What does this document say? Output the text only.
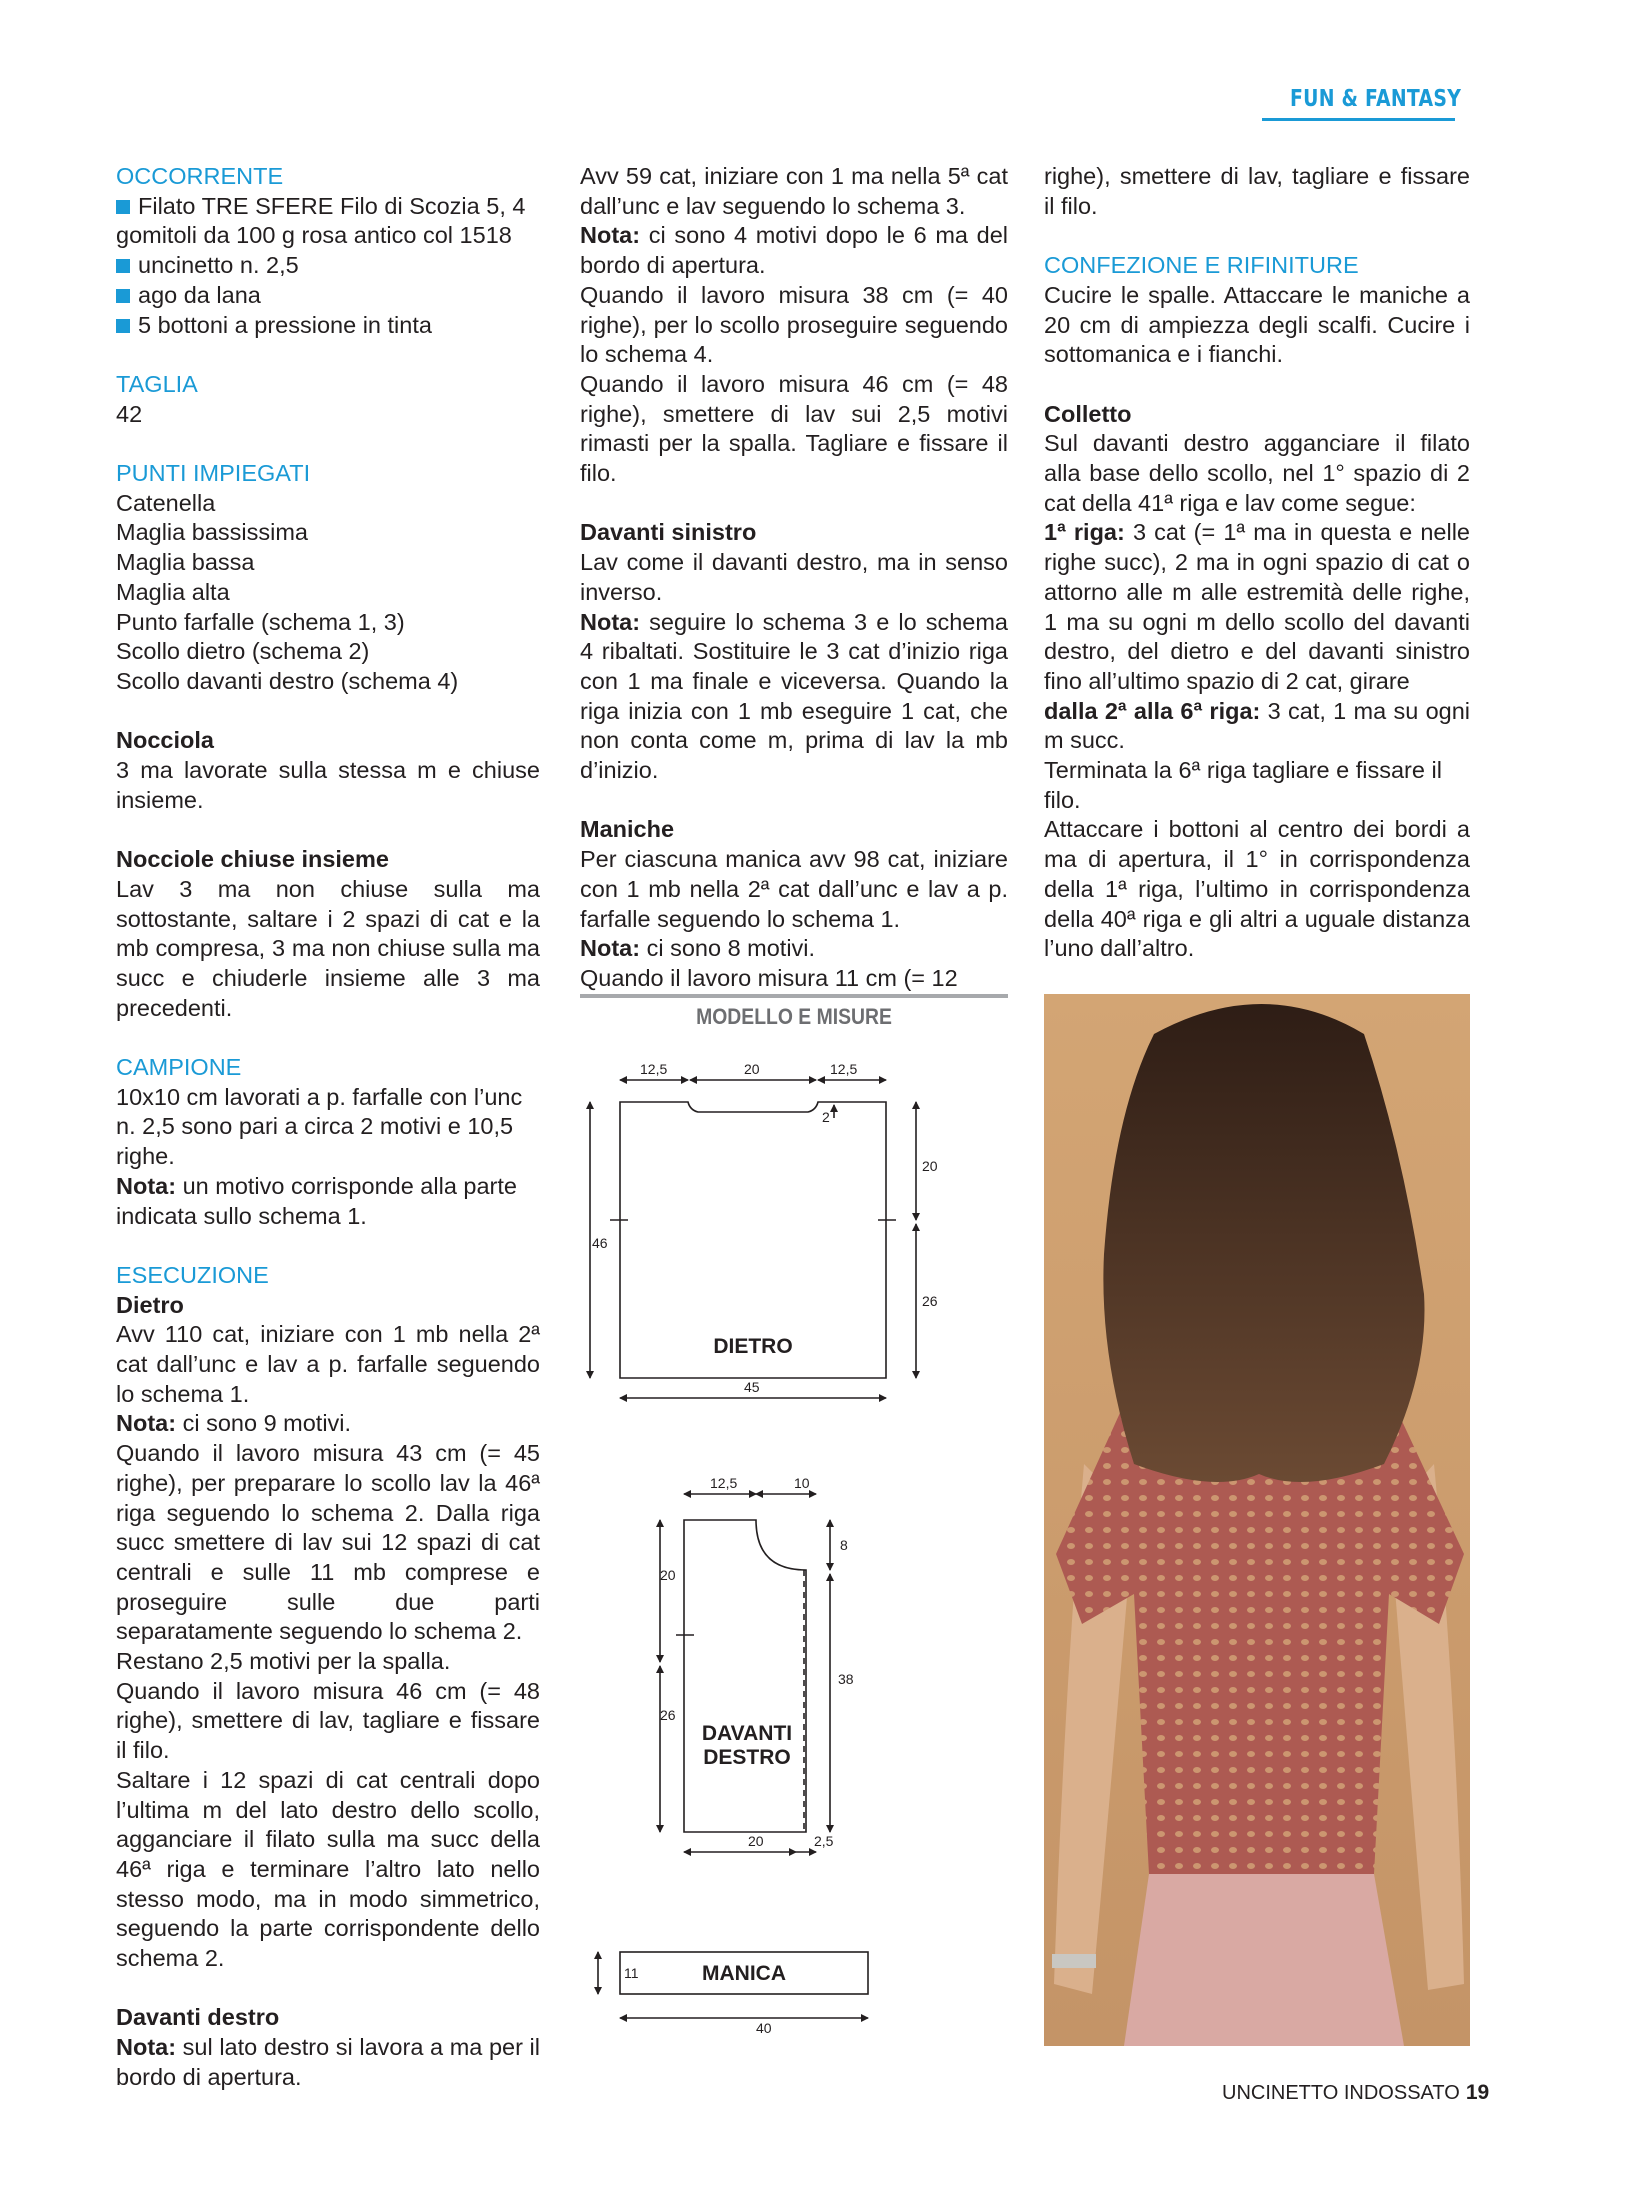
FUN & FANTASY

OCCORRENTE

Filato TRE SFERE Filo di Scozia 5, 4

gomitoli da 100 g rosa antico col 1518

uncinetto n. 2,5

ago da lana

5 bottoni a pressione in tinta

TAGLIA

42

PUNTI IMPIEGATI

Catenella

Maglia bassissima

Maglia bassa

Maglia alta

Punto farfalle (schema 1, 3)

Scollo dietro (schema 2)

Scollo davanti destro (schema 4)

Nocciola

3 ma lavorate sulla stessa m e chiuse insieme.

Nocciole chiuse insieme

Lav 3 ma non chiuse sulla ma sottostante, saltare i 2 spazi di cat e la mb compresa, 3 ma non chiuse sulla ma succ e chiuderle insieme alle 3 ma precedenti.

CAMPIONE

10x10 cm lavorati a p. farfalle con l’unc n. 2,5 sono pari a circa 2 motivi e 10,5 righe.

Nota: un motivo corrisponde alla parte indicata sullo schema 1.

ESECUZIONE

Dietro

Avv 110 cat, iniziare con 1 mb nella 2ª cat dall’unc e lav a p. farfalle seguendo lo schema 1.

Nota: ci sono 9 motivi.

Quando il lavoro misura 43 cm (= 45 righe), per preparare lo scollo lav la 46ª riga seguendo lo schema 2. Dalla riga succ smettere di lav sui 12 spazi di cat centrali e sulle 11 mb comprese e proseguire sulle due parti separatamente seguendo lo schema 2.

Restano 2,5 motivi per la spalla.

Quando il lavoro misura 46 cm (= 48 righe), smettere di lav, tagliare e fissare il filo.

Saltare i 12 spazi di cat centrali dopo l’ultima m del lato destro dello scollo, agganciare il filato sulla ma succ della 46ª riga e terminare l’altro lato nello stesso modo, ma in modo simmetrico, seguendo la parte corrispondente dello schema 2.

Davanti destro

Nota: sul lato destro si lavora a ma per il bordo di apertura.

Avv 59 cat, iniziare con 1 ma nella 5ª cat dall’unc e lav seguendo lo schema 3.

Nota: ci sono 4 motivi dopo le 6 ma del bordo di apertura.

Quando il lavoro misura 38 cm (= 40 righe), per lo scollo proseguire seguendo lo schema 4.

Quando il lavoro misura 46 cm (= 48 righe), smettere di lav sui 2,5 motivi rimasti per la spalla. Tagliare e fissare il filo.

Davanti sinistro

Lav come il davanti destro, ma in senso inverso.

Nota: seguire lo schema 3 e lo schema 4 ribaltati. Sostituire le 3 cat d’inizio riga con 1 ma finale e viceversa. Quando la riga inizia con 1 mb eseguire 1 cat, che non conta come m, prima di lav la mb d’inizio.

Maniche

Per ciascuna manica avv 98 cat, iniziare con 1 mb nella 2ª cat dall’unc e lav a p. farfalle seguendo lo schema 1.

Nota: ci sono 8 motivi.

Quando il lavoro misura 11 cm (= 12

righe), smettere di lav, tagliare e fissare il filo.

CONFEZIONE E RIFINITURE

Cucire le spalle. Attaccare le maniche a 20 cm di ampiezza degli scalfi. Cucire i sottomanica e i fianchi.

Colletto

Sul davanti destro agganciare il filato alla base dello scollo, nel 1° spazio di 2 cat della 41ª riga e lav come segue:

1ª riga: 3 cat (= 1ª ma in questa e nelle righe succ), 2 ma in ogni spazio di cat o attorno alle m alle estremità delle righe, 1 ma su ogni m dello scollo del davanti destro, del dietro e del davanti sinistro fino all’ultimo spazio di 2 cat, girare

dalla 2ª alla 6ª riga: 3 cat, 1 ma su ogni m succ.

Terminata la 6ª riga tagliare e fissare il filo.

Attaccare i bottoni al centro dei bordi a ma di apertura, il 1° in corrispondenza della 1ª riga, l’ultimo in corrispondenza della 40ª riga e gli altri a uguale distanza l’uno dall’altro.

MODELLO E MISURE
12,5	20	12,5
2
20
26
46
45
12,5	10
8
20
26
38
20	2,5
11
40
DIETRO
DAVANTI
DESTRO
MANICA
UNCINETTO INDOSSATO 19
